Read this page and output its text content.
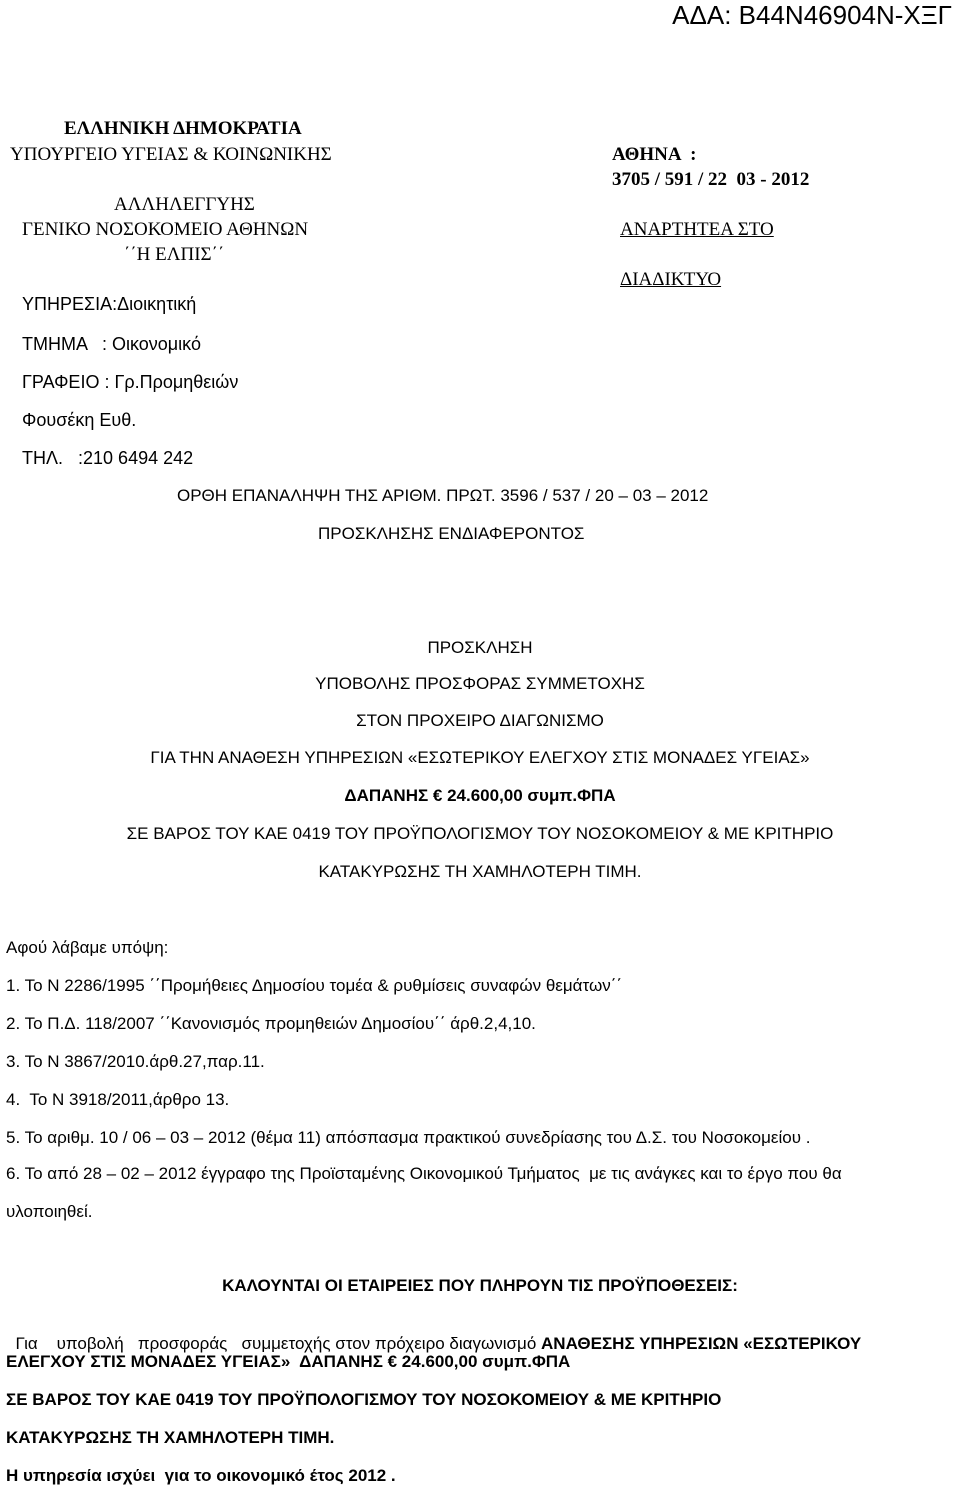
ΑΔΑ: Β44Ν46904Ν-ΧΞΓ
ΕΛΛΗΝΙΚΗ ΔΗΜΟΚΡΑΤΙΑ
ΥΠΟΥΡΓΕΙΟ ΥΓΕΙΑΣ & ΚΟΙΝΩΝΙΚΗΣ
ΑΛΛΗΛΕΓΓΥΗΣ
ΓΕΝΙΚΟ ΝΟΣΟΚΟΜΕΙΟ ΑΘΗΝΩΝ
΄΄Η ΕΛΠΙΣ΄΄
ΥΠΗΡΕΣΙΑ:Διοικητική
ΤΜΗΜΑ   : Οικονομικό
ΓΡΑΦΕΙΟ : Γρ.Προμηθειών
Φουσέκη Ευθ.
ΤΗΛ.   :210 6494 242
ΑΘΗΝΑ  :
3705 / 591 / 22  03 - 2012
ΑΝΑΡΤΗΤΕΑ ΣΤΟ
ΔΙΑΔΙΚΤΥΟ
ΟΡΘΗ ΕΠΑΝΑΛΗΨΗ ΤΗΣ ΑΡΙΘΜ. ΠΡΩΤ. 3596 / 537 / 20 – 03 – 2012
ΠΡΟΣΚΛΗΣΗΣ ΕΝΔΙΑΦΕΡΟΝΤΟΣ
ΠΡΟΣΚΛΗΣΗ
ΥΠΟΒΟΛΗΣ ΠΡΟΣΦΟΡΑΣ ΣΥΜΜΕΤΟΧΗΣ
ΣΤΟΝ ΠΡΟΧΕΙΡΟ ΔΙΑΓΩΝΙΣΜΟ
ΓΙΑ ΤΗΝ ΑΝΑΘΕΣΗ ΥΠΗΡΕΣΙΩΝ «ΕΣΩΤΕΡΙΚΟΥ ΕΛΕΓΧΟΥ ΣΤΙΣ ΜΟΝΑΔΕΣ ΥΓΕΙΑΣ»
ΔΑΠΑΝΗΣ € 24.600,00 συμπ.ΦΠΑ
ΣΕ ΒΑΡΟΣ ΤΟΥ ΚΑΕ 0419 ΤΟΥ ΠΡΟΫΠΟΛΟΓΙΣΜΟΥ ΤΟΥ ΝΟΣΟΚΟΜΕΙΟΥ & ΜΕ ΚΡΙΤΗΡΙΟ
ΚΑΤΑΚΥΡΩΣΗΣ ΤΗ ΧΑΜΗΛΟΤΕΡΗ ΤΙΜΗ.
Αφού λάβαμε υπόψη:
1. Το Ν 2286/1995 ΄΄Προμήθειες Δημοσίου τομέα & ρυθμίσεις συναφών θεμάτων΄΄
2. Το Π.Δ. 118/2007 ΄΄Κανονισμός προμηθειών Δημοσίου΄΄ άρθ.2,4,10.
3. Το Ν 3867/2010.άρθ.27,παρ.11.
4.  Το Ν 3918/2011,άρθρο 13.
5. Το αριθμ. 10 / 06 – 03 – 2012 (θέμα 11) απόσπασμα πρακτικού συνεδρίασης του Δ.Σ. του Νοσοκομείου .
6. Το από 28 – 02 – 2012 έγγραφο της Προϊσταμένης Οικονομικού Τμήματος  με τις ανάγκες και το έργο που θα
υλοποιηθεί.
ΚΑΛΟΥΝΤΑΙ ΟΙ ΕΤΑΙΡΕΙΕΣ ΠΟΥ ΠΛΗΡΟΥΝ ΤΙΣ ΠΡΟΫΠΟΘΕΣΕΙΣ:

Για    υποβολή   προσφοράς   συμμετοχής στον πρόχειρο διαγωνισμό ΑΝΑΘΕΣΗΣ ΥΠΗΡΕΣΙΩΝ «ΕΣΩΤΕΡΙΚΟΥ

ΕΛΕΓΧΟΥ ΣΤΙΣ ΜΟΝΑΔΕΣ ΥΓΕΙΑΣ»  ΔΑΠΑΝΗΣ € 24.600,00 συμπ.ΦΠΑ
ΣΕ ΒΑΡΟΣ ΤΟΥ ΚΑΕ 0419 ΤΟΥ ΠΡΟΫΠΟΛΟΓΙΣΜΟΥ ΤΟΥ ΝΟΣΟΚΟΜΕΙΟΥ & ΜΕ ΚΡΙΤΗΡΙΟ
ΚΑΤΑΚΥΡΩΣΗΣ ΤΗ ΧΑΜΗΛΟΤΕΡΗ ΤΙΜΗ.
Η υπηρεσία ισχύει  για το οικονομικό έτος 2012 .
